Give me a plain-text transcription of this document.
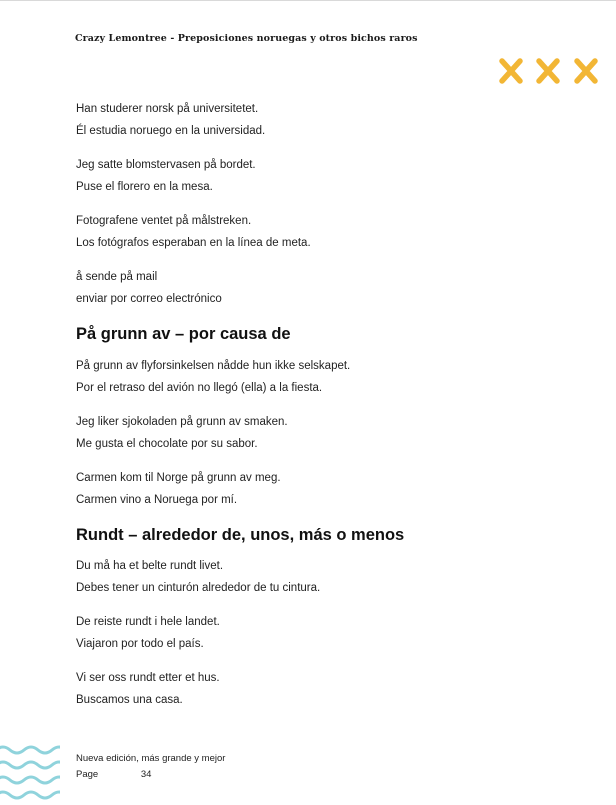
Crazy Lemontree - Preposiciones noruegas y otros bichos raros
Han studerer norsk på universitetet.
Él estudia noruego en la universidad.
Jeg satte blomstervasen på bordet.
Puse el florero en la mesa.
Fotografene ventet på målstreken.
Los fotógrafos esperaban en la línea de meta.
å sende på mail
enviar por correo electrónico
På grunn av – por causa de
På grunn av flyforsinkelsen nådde hun ikke selskapet.
Por el retraso del avión no llegó (ella) a la fiesta.
Jeg liker sjokoladen på grunn av smaken.
Me gusta el chocolate por su sabor.
Carmen kom til Norge på grunn av meg.
Carmen vino a Noruega por mí.
Rundt – alrededor de, unos, más o menos
Du må ha et belte rundt livet.
Debes tener un cinturón alrededor de tu cintura.
De reiste rundt i hele landet.
Viajaron por todo el país.
Vi ser oss rundt etter et hus.
Buscamos una casa.
Nueva edición, más grande y mejor
Page	34
